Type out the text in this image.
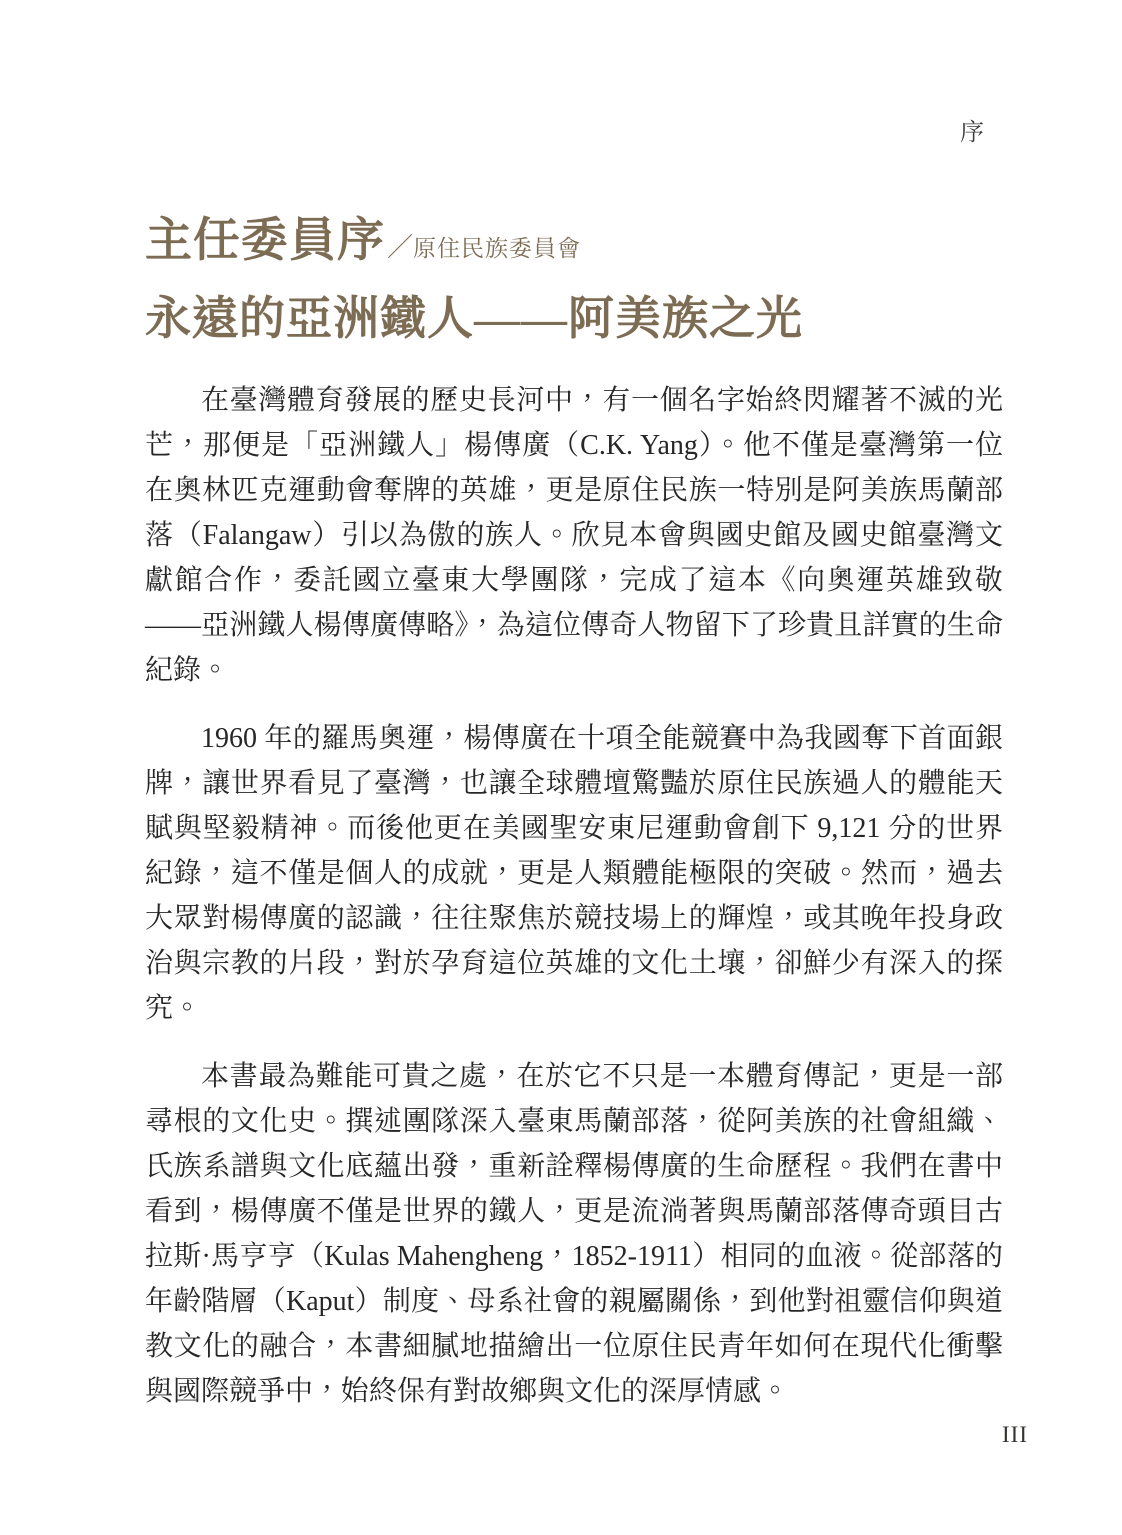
序
主任委員序／原住民族委員會
永遠的亞洲鐵人——阿美族之光

在臺灣體育發展的歷史長河中，有一個名字始終閃耀著不滅的光芒，那便是「亞洲鐵人」楊傳廣（C.K. Yang）。他不僅是臺灣第一位在奧林匹克運動會奪牌的英雄，更是原住民族一特別是阿美族馬蘭部落（Falangaw）引以為傲的族人。欣見本會與國史館及國史館臺灣文獻館合作，委託國立臺東大學團隊，完成了這本《向奧運英雄致敬——亞洲鐵人楊傳廣傳略》，為這位傳奇人物留下了珍貴且詳實的生命紀錄。

1960 年的羅馬奧運，楊傳廣在十項全能競賽中為我國奪下首面銀牌，讓世界看見了臺灣，也讓全球體壇驚豔於原住民族過人的體能天賦與堅毅精神。而後他更在美國聖安東尼運動會創下 9,121 分的世界紀錄，這不僅是個人的成就，更是人類體能極限的突破。然而，過去大眾對楊傳廣的認識，往往聚焦於競技場上的輝煌，或其晚年投身政治與宗教的片段，對於孕育這位英雄的文化土壤，卻鮮少有深入的探究。

本書最為難能可貴之處，在於它不只是一本體育傳記，更是一部尋根的文化史。撰述團隊深入臺東馬蘭部落，從阿美族的社會組織、氏族系譜與文化底蘊出發，重新詮釋楊傳廣的生命歷程。我們在書中看到，楊傳廣不僅是世界的鐵人，更是流淌著與馬蘭部落傳奇頭目古拉斯·馬亨亨（Kulas Mahengheng，1852-1911）相同的血液。從部落的年齡階層（Kaput）制度、母系社會的親屬關係，到他對祖靈信仰與道教文化的融合，本書細膩地描繪出一位原住民青年如何在現代化衝擊與國際競爭中，始終保有對故鄉與文化的深厚情感。

III
